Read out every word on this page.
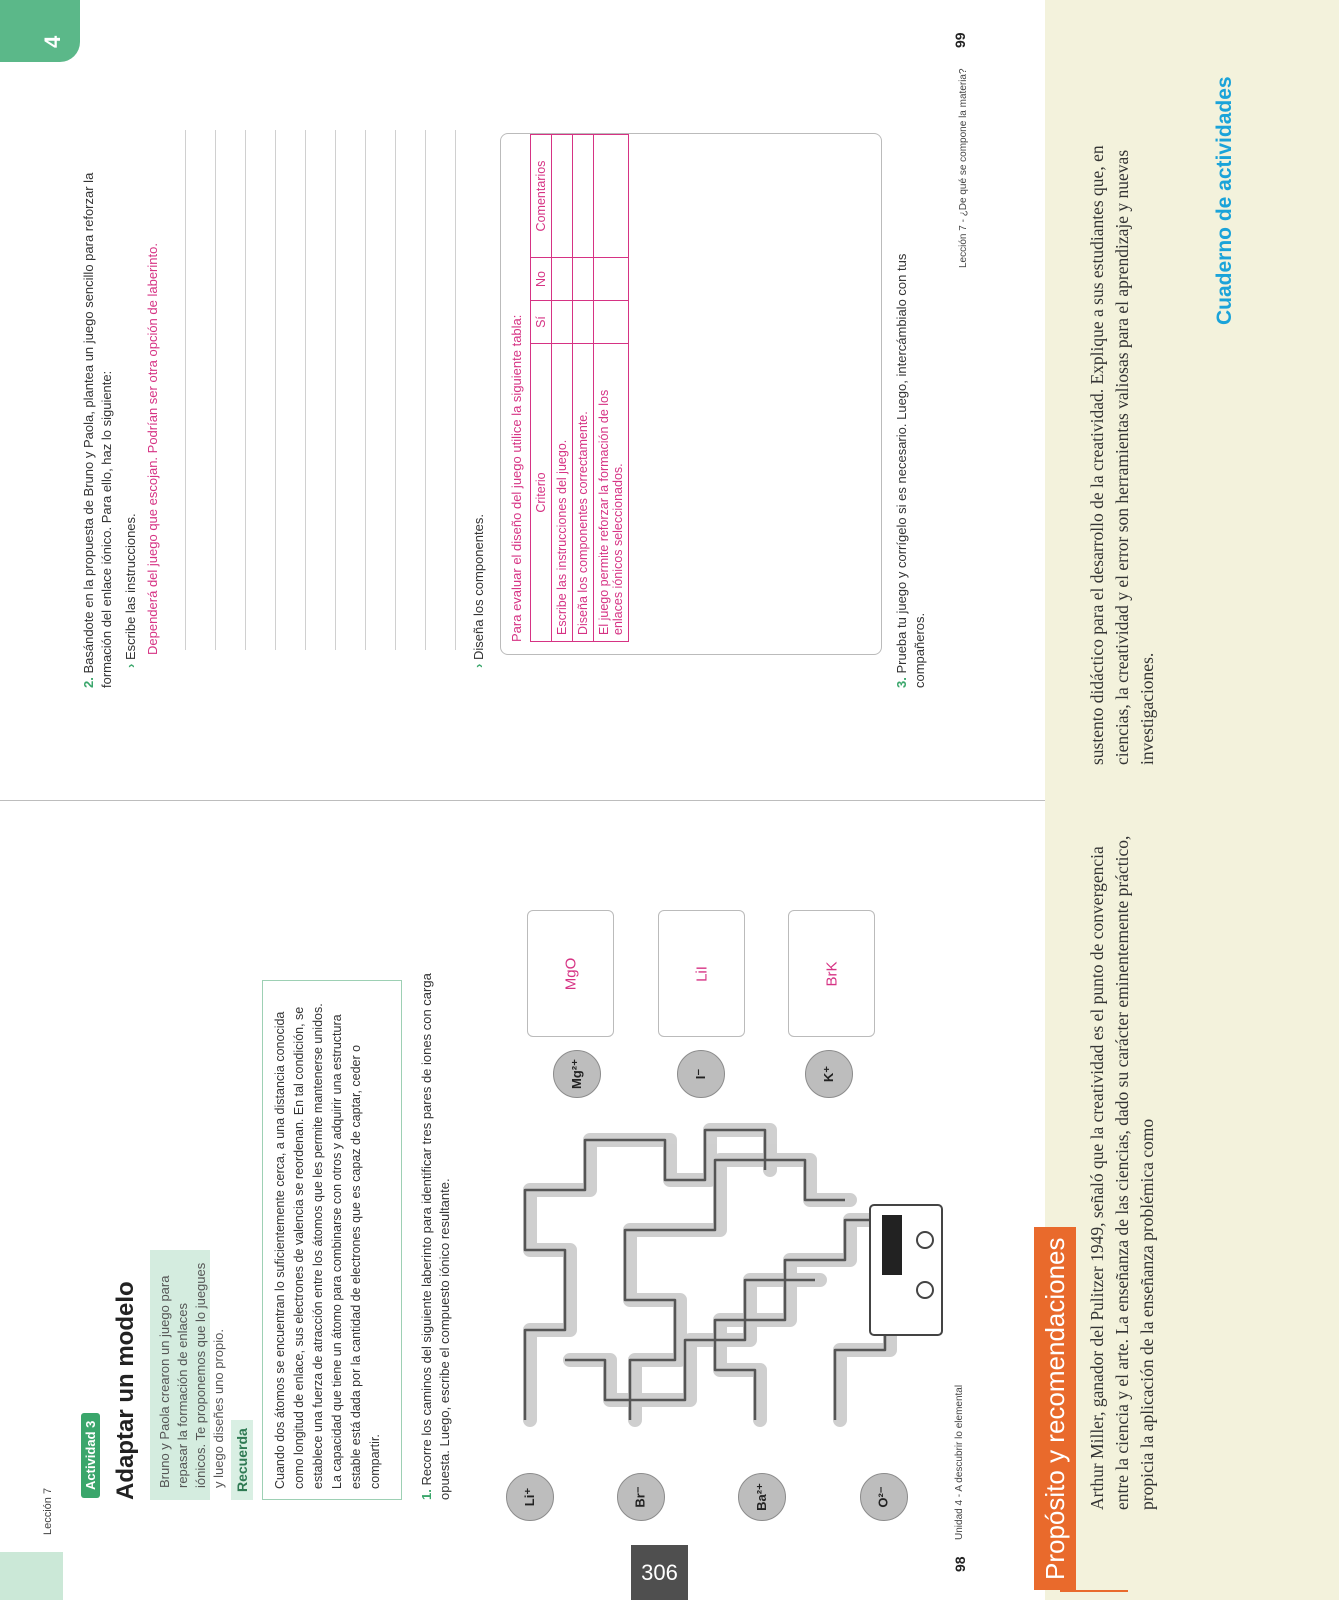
4
Lección 7
Actividad 3 Adaptar un modelo	Bruno y Paola crearon un juego para repasar la formación de enlaces iónicos. Te proponemos que lo juegues y luego diseñes uno propio. Recuerda	Cuando dos átomos se encuentran lo suficientemente cerca, a una distancia conocida como longitud de enlace, sus electrones de valencia se reordenan. En tal condición, se establece una fuerza de atracción entre los átomos que les permite mantenerse unidos. La capacidad que tiene un átomo para combinarse con otros y adquirir una estructura estable está dada por la cantidad de electrones que es capaz de captar, ceder o compartir.
1. Recorre los caminos del siguiente laberinto para identificar tres pares de iones con carga opuesta. Luego, escribe el compuesto iónico resultante.	Li⁺	Br⁻	Ba²⁺	O²⁻
Mg²⁺	I⁻	K⁺
MgO	LiI	BrK
98
Unidad 4 - A descubrir lo elemental
2. Basándote en la propuesta de Bruno y Paola, plantea un juego sencillo para reforzar la formación del enlace iónico. Para ello, haz lo siguiente: › Escribe las instrucciones. Dependerá del juego que escojan. Podrían ser otra opción de laberinto.
› Diseña los componentes. Para evaluar el diseño del juego utilice la siguiente tabla: Criterio	Sí	No	Comentarios
Escribe las instrucciones del juego.			
Diseña los componentes correctamente.			
El juego permite reforzar la formación de los enlaces iónicos seleccionados.			
3. Prueba tu juego y corrígelo si es necesario. Luego, intercámbialo con tus compañeros.
Lección 7 - ¿De qué se compone la materia?
99
Propósito y recomendaciones Arthur Miller, ganador del Pulitzer 1949, señaló que la creatividad es el punto de convergencia entre la ciencia y el arte. La enseñanza de las ciencias, dado su carácter eminentemente práctico, propicia la aplicación de la enseñanza problémica como
sustento didáctico para el desarrollo de la creatividad. Explique a sus estudiantes que, en ciencias, la creatividad y el error son herramientas valiosas para el aprendizaje y nuevas investigaciones.
Cuaderno de actividades
306
